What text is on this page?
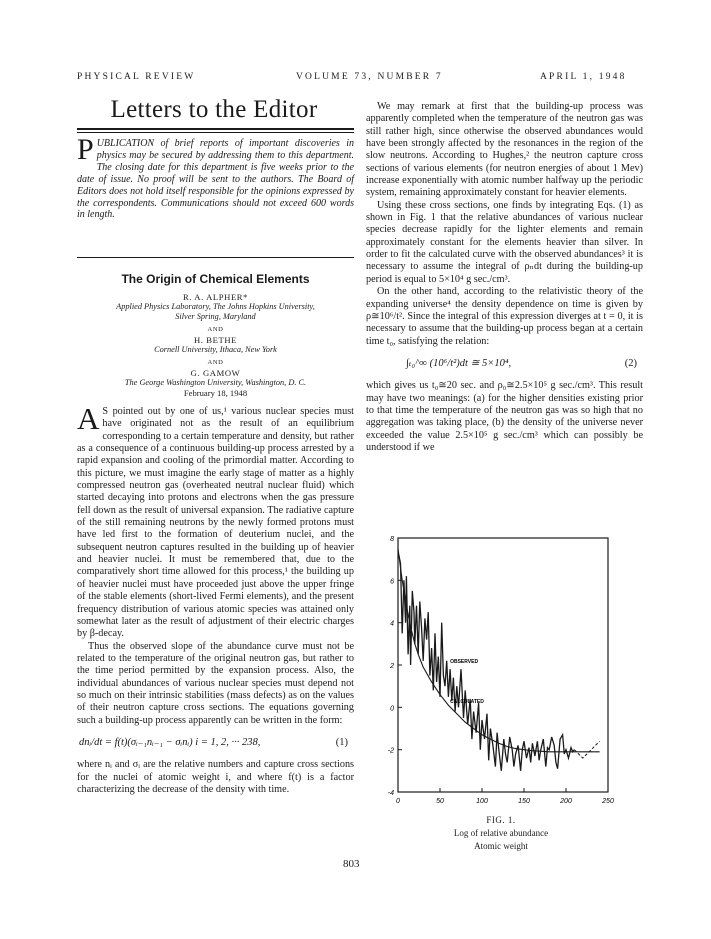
PHYSICAL REVIEW	VOLUME 73, NUMBER 7	APRIL 1, 1948
Letters to the Editor
PUBLICATION of brief reports of important discoveries in physics may be secured by addressing them to this department. The closing date for this department is five weeks prior to the date of issue. No proof will be sent to the authors. The Board of Editors does not hold itself responsible for the opinions expressed by the correspondents. Communications should not exceed 600 words in length.
The Origin of Chemical Elements
R. A. ALPHER*
Applied Physics Laboratory, The Johns Hopkins University,
Silver Spring, Maryland
AND
H. BETHE
Cornell University, Ithaca, New York
AND
G. GAMOW
The George Washington University, Washington, D. C.
February 18, 1948

A S pointed out by one of us,¹ various nuclear species must have originated not as the result of an equilibrium corresponding to a certain temperature and density, but rather as a consequence of a continuous building-up process arrested by a rapid expansion and cooling of the primordial matter. According to this picture, we must imagine the early stage of matter as a highly compressed neutron gas (overheated neutral nuclear fluid) which started decaying into protons and electrons when the gas pressure fell down as the result of universal expansion. The radiative capture of the still remaining neutrons by the newly formed protons must have led first to the formation of deuterium nuclei, and the subsequent neutron captures resulted in the building up of heavier and heavier nuclei. It must be remembered that, due to the comparatively short time allowed for this process,¹ the building up of heavier nuclei must have proceeded just above the upper fringe of the stable elements (short-lived Fermi elements), and the present frequency distribution of various atomic species was attained only somewhat later as the result of adjustment of their electric charges by β-decay.

Thus the observed slope of the abundance curve must not be related to the temperature of the original neutron gas, but rather to the time period permitted by the expansion process. Also, the individual abundances of various nuclear species must depend not so much on their intrinsic stabilities (mass defects) as on the values of their neutron capture cross sections. The equations governing such a building-up process apparently can be written in the form:

dnᵢ/dt = f(t)(σᵢ₋₁nᵢ₋₁ − σᵢnᵢ) i = 1, 2, ··· 238,	(1)

where nᵢ and σᵢ are the relative numbers and capture cross sections for the nuclei of atomic weight i, and where f(t) is a factor characterizing the decrease of the density with time.

We may remark at first that the building-up process was apparently completed when the temperature of the neutron gas was still rather high, since otherwise the observed abundances would have been strongly affected by the resonances in the region of the slow neutrons. According to Hughes,² the neutron capture cross sections of various elements (for neutron energies of about 1 Mev) increase exponentially with atomic number halfway up the periodic system, remaining approximately constant for heavier elements.

Using these cross sections, one finds by integrating Eqs. (1) as shown in Fig. 1 that the relative abundances of various nuclear species decrease rapidly for the lighter elements and remain approximately constant for the elements heavier than silver. In order to fit the calculated curve with the observed abundances³ it is necessary to assume the integral of ρₙdt during the building-up period is equal to 5×10⁴ g sec./cm³.

On the other hand, according to the relativistic theory of the expanding universe⁴ the density dependence on time is given by ρ≅10⁶/t². Since the integral of this expression diverges at t = 0, it is necessary to assume that the building-up process began at a certain time t₀, satisfying the relation:

∫ₜ₀^∞ (10⁶/t²)dt ≅ 5×10⁴,	(2)

which gives us t₀≅20 sec. and ρ₀≅2.5×10⁵ g sec./cm³. This result may have two meanings: (a) for the higher densities existing prior to that time the temperature of the neutron gas was so high that no aggregation was taking place, (b) the density of the universe never exceeded the value 2.5×10⁵ g sec./cm³ which can possibly be understood if we

0	50	100	150	200	250
-4
-2
0
2
4
6
8
OBSERVED
CALCULATED
FIG. 1.
Log of relative abundance
Atomic weight
803
